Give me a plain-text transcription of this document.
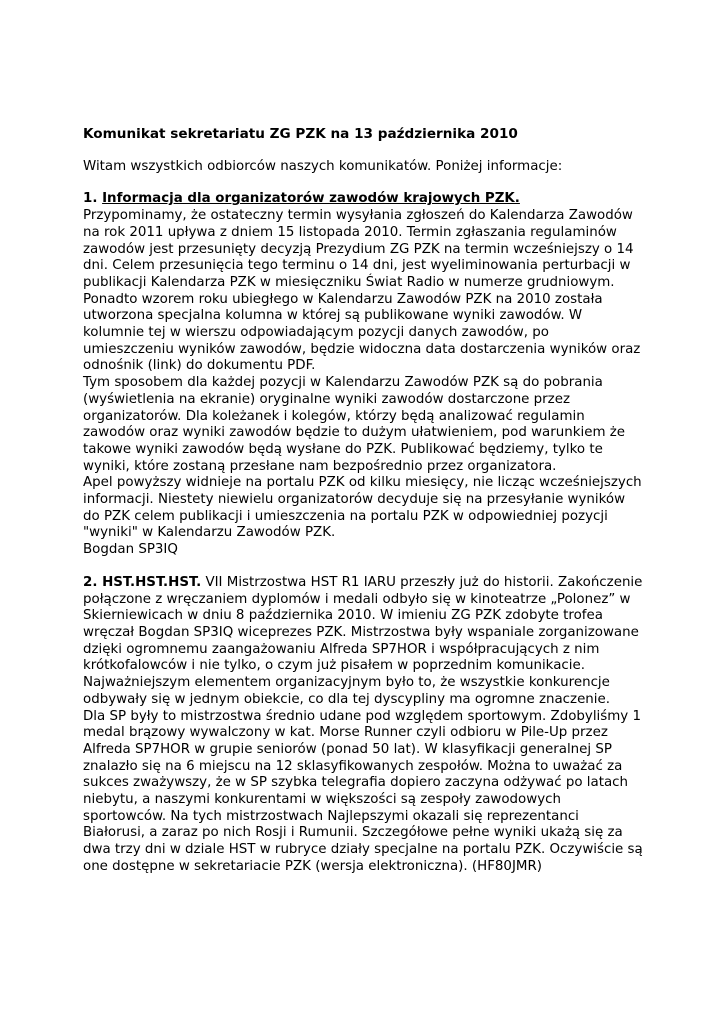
Komunikat sekretariatu ZG PZK na 13 października 2010

Witam wszystkich odbiorców naszych komunikatów. Poniżej informacje:

1. Informacja dla organizatorów zawodów krajowych PZK.

Przypominamy, że ostateczny termin wysyłania zgłoszeń do Kalendarza Zawodów na rok 2011 upływa z dniem 15 listopada 2010. Termin zgłaszania regulaminów zawodów jest przesunięty decyzją Prezydium ZG PZK na termin wcześniejszy o 14 dni. Celem przesunięcia tego terminu o 14 dni, jest wyeliminowania perturbacji w publikacji Kalendarza PZK w miesięczniku Świat Radio w numerze grudniowym. Ponadto wzorem roku ubiegłego w Kalendarzu Zawodów PZK na 2010 została utworzona specjalna kolumna w której są publikowane wyniki zawodów. W kolumnie tej w wierszu odpowiadającym pozycji danych zawodów, po umieszczeniu wyników zawodów, będzie widoczna data dostarczenia wyników oraz odnośnik (link) do dokumentu PDF.

Tym sposobem dla każdej pozycji w Kalendarzu Zawodów PZK są do pobrania (wyświetlenia na ekranie) oryginalne wyniki zawodów dostarczone przez organizatorów. Dla koleżanek i kolegów, którzy będą analizować regulamin zawodów oraz wyniki zawodów będzie to dużym ułatwieniem, pod warunkiem że takowe wyniki zawodów będą wysłane do PZK. Publikować będziemy, tylko te wyniki, które zostaną przesłane nam bezpośrednio przez organizatora.

Apel powyższy widnieje na portalu PZK od kilku miesięcy, nie licząc wcześniejszych informacji. Niestety niewielu organizatorów decyduje się na przesyłanie wyników do PZK celem publikacji i umieszczenia na portalu PZK w odpowiedniej pozycji "wyniki" w Kalendarzu Zawodów PZK.

Bogdan SP3IQ

2. HST.HST.HST. VII Mistrzostwa HST R1 IARU przeszły już do historii. Zakończenie połączone z wręczaniem dyplomów i medali odbyło się w kinoteatrze „Polonez” w Skierniewicach w dniu 8 października 2010. W imieniu ZG PZK zdobyte trofea wręczał Bogdan SP3IQ wiceprezes PZK. Mistrzostwa były wspaniale zorganizowane dzięki ogromnemu zaangażowaniu Alfreda SP7HOR i współpracujących z nim krótkofalowców i nie tylko, o czym już pisałem w poprzednim komunikacie.

Najważniejszym elementem organizacyjnym było to, że wszystkie konkurencje odbywały się w jednym obiekcie, co dla tej dyscypliny ma ogromne znaczenie.

Dla SP były to mistrzostwa średnio udane pod względem sportowym. Zdobyliśmy 1 medal brązowy wywalczony w kat. Morse Runner czyli odbioru w Pile-Up przez Alfreda SP7HOR w grupie seniorów (ponad 50 lat). W klasyfikacji generalnej SP znalazło się na 6 miejscu na 12 sklasyfikowanych zespołów. Można to uważać za sukces zważywszy, że w SP szybka telegrafia dopiero zaczyna odżywać po latach niebytu, a naszymi konkurentami w większości są zespoły zawodowych sportowców. Na tych mistrzostwach Najlepszymi okazali się reprezentanci Białorusi, a zaraz po nich Rosji i Rumunii. Szczegółowe pełne wyniki ukażą się za dwa trzy dni w dziale HST w rubryce działy specjalne na portalu PZK. Oczywiście są one dostępne w sekretariacie PZK (wersja elektroniczna). (HF80JMR)
